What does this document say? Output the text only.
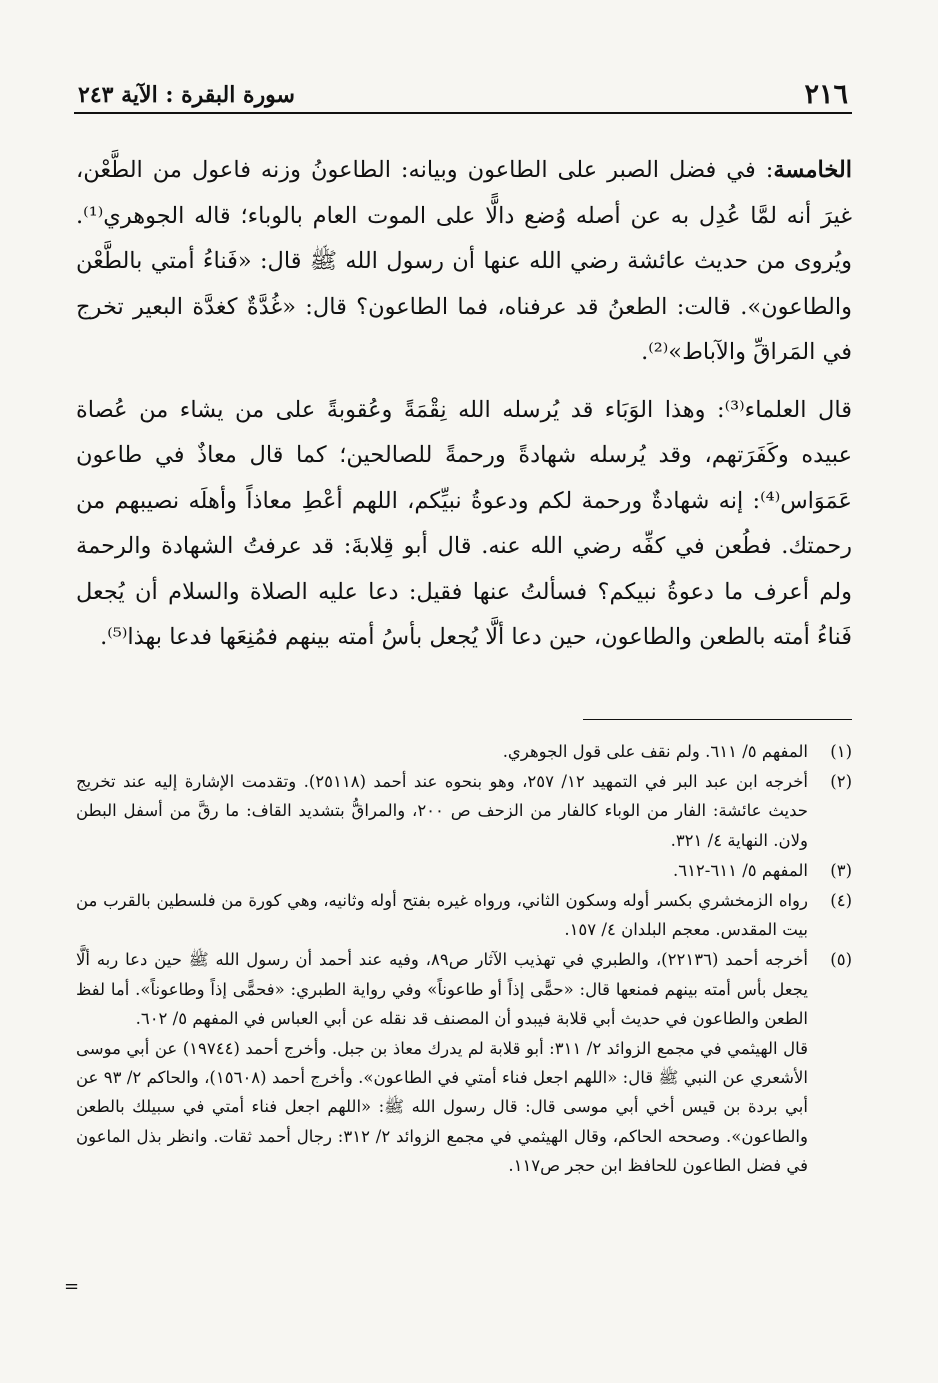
٢١٦
سورة البقرة : الآية ٢٤٣

الخامسة: في فضل الصبر على الطاعون وبيانه: الطاعونُ وزنه فاعول من الطَّعْن، غيرَ أنه لمَّا عُدِل به عن أصله وُضع دالًّا على الموت العام بالوباء؛ قاله الجوهري⁽¹⁾. ويُروى من حديث عائشة رضي الله عنها أن رسول الله ﷺ قال: «فَناءُ أمتي بالطَّعْن والطاعون». قالت: الطعنُ قد عرفناه، فما الطاعون؟ قال: «غُدَّةٌ كغدَّة البعير تخرج في المَراقِّ والآباط»⁽²⁾.

قال العلماء⁽³⁾: وهذا الوَبَاء قد يُرسله الله نِقْمَةً وعُقوبةً على من يشاء من عُصاة عبيده وكَفَرَتهم، وقد يُرسله شهادةً ورحمةً للصالحين؛ كما قال معاذٌ في طاعون عَمَوَاس⁽⁴⁾: إنه شهادةٌ ورحمة لكم ودعوةُ نبيِّكم، اللهم أعْطِ معاذاً وأهلَه نصيبهم من رحمتك. فطُعن في كفِّه رضي الله عنه. قال أبو قِلابةَ: قد عرفتُ الشهادة والرحمة ولم أعرف ما دعوةُ نبيكم؟ فسألتُ عنها فقيل: دعا عليه الصلاة والسلام أن يُجعل فَناءُ أمته بالطعن والطاعون، حين دعا ألَّا يُجعل بأسُ أمته بينهم فمُنِعَها فدعا بهذا⁽⁵⁾.

(١)
المفهم ٥/ ٦١١. ولم نقف على قول الجوهري.
(٢)
أخرجه ابن عبد البر في التمهيد ١٢/ ٢٥٧، وهو بنحوه عند أحمد (٢٥١١٨). وتقدمت الإشارة إليه عند تخريج حديث عائشة: الفار من الوباء كالفار من الزحف ص ٢٠٠، والمراقُّ بتشديد القاف: ما رقَّ من أسفل البطن ولان. النهاية ٤/ ٣٢١.
(٣)
المفهم ٥/ ٦١١-٦١٢.
(٤)
رواه الزمخشري بكسر أوله وسكون الثاني، ورواه غيره بفتح أوله وثانيه، وهي كورة من فلسطين بالقرب من بيت المقدس. معجم البلدان ٤/ ١٥٧.
(٥)
أخرجه أحمد (٢٢١٣٦)، والطبري في تهذيب الآثار ص٨٩، وفيه عند أحمد أن رسول الله ﷺ حين دعا ربه ألَّا يجعل بأس أمته بينهم فمنعها قال: «حمًّى إذاً أو طاعوناً» وفي رواية الطبري: «فحمًّى إذاً وطاعوناً». أما لفظ الطعن والطاعون في حديث أبي قلابة فيبدو أن المصنف قد نقله عن أبي العباس في المفهم ٥/ ٦٠٢.
قال الهيثمي في مجمع الزوائد ٢/ ٣١١: أبو قلابة لم يدرك معاذ بن جبل. وأخرج أحمد (١٩٧٤٤) عن أبي موسى الأشعري عن النبي ﷺ قال: «اللهم اجعل فناء أمتي في الطاعون». وأخرج أحمد (١٥٦٠٨)، والحاكم ٢/ ٩٣ عن أبي بردة بن قيس أخي أبي موسى قال: قال رسول الله ﷺ: «اللهم اجعل فناء أمتي في سبيلك بالطعن والطاعون». وصححه الحاكم، وقال الهيثمي في مجمع الزوائد ٢/ ٣١٢: رجال أحمد ثقات. وانظر بذل الماعون في فضل الطاعون للحافظ ابن حجر ص١١٧.
=
